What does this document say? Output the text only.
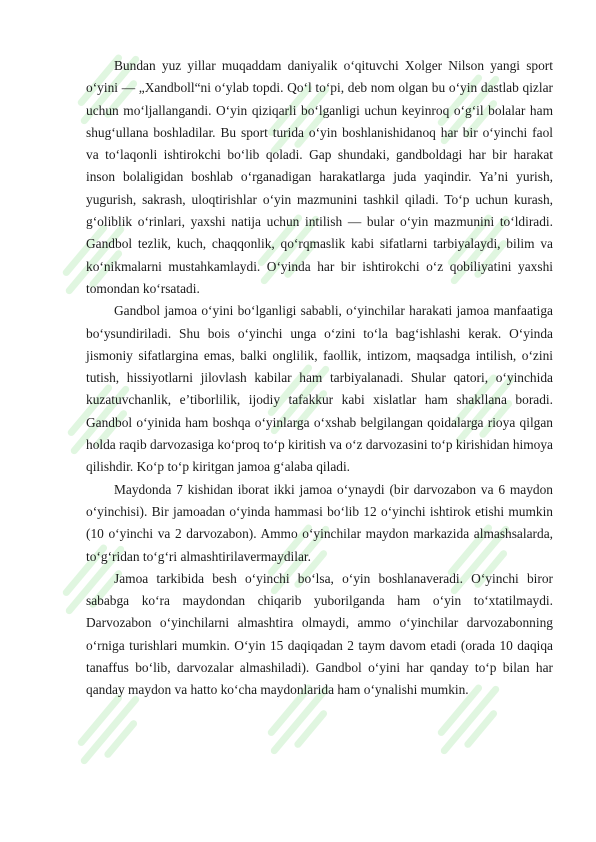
Bundan yuz yillar muqaddam daniyalik oʻqituvchi Xolger Nilson yangi sport oʻyini — „Xandboll“ni oʻylab topdi. Qoʻl toʻpi, deb nom olgan bu oʻyin dastlab qizlar uchun moʻljallangandi. Oʻyin qiziqarli boʻlganligi uchun keyinroq oʻgʻil bolalar ham shugʻullana boshladilar. Bu sport turida oʻyin boshlanishidanoq har bir oʻyinchi faol va toʻlaqonli ishtirokchi boʻlib qoladi. Gap shundaki, gandboldagi har bir harakat inson bolaligidan boshlab oʻrganadigan harakatlarga juda yaqindir. Yaʼni yurish, yugurish, sakrash, uloqtirishlar oʻyin mazmunini tashkil qiladi. Toʻp uchun kurash, gʻoliblik oʻrinlari, yaxshi natija uchun intilish — bular oʻyin mazmunini toʻldiradi. Gandbol tezlik, kuch, chaqqonlik, qoʻrqmaslik kabi sifatlarni tarbiyalaydi, bilim va koʻnikmalarni mustahkamlaydi. Oʻyinda har bir ishtirokchi oʻz qobiliyatini yaxshi tomondan koʻrsatadi.

Gandbol jamoa oʻyini boʻlganligi sababli, oʻyinchilar harakati jamoa manfaatiga boʻysundiriladi. Shu bois oʻyinchi unga oʻzini toʻla bagʻishlashi kerak. Oʻyinda jismoniy sifatlargina emas, balki onglilik, faollik, intizom, maqsadga intilish, oʻzini tutish, hissiyotlarni jilovlash kabilar ham tarbiyalanadi. Shular qatori, oʻyinchida kuzatuvchanlik, eʼtiborlilik, ijodiy tafakkur kabi xislatlar ham shakllana boradi. Gandbol oʻyinida ham boshqa oʻyinlarga oʻxshab belgilangan qoidalarga rioya qilgan holda raqib darvozasiga koʻproq toʻp kiritish va oʻz darvozasini toʻp kirishidan himoya qilishdir. Koʻp toʻp kiritgan jamoa gʻalaba qiladi.

Maydonda 7 kishidan iborat ikki jamoa oʻynaydi (bir darvozabon va 6 maydon oʻyinchisi). Bir jamoadan oʻyinda hammasi boʻlib 12 oʻyinchi ishtirok etishi mumkin (10 oʻyinchi va 2 darvozabon). Ammo oʻyinchilar maydon markazida almashsalarda, toʻgʻridan toʻgʻri almashtirilavermaydilar.

Jamoa tarkibida besh oʻyinchi boʻlsa, oʻyin boshlanaveradi. Oʻyinchi biror sababga koʻra maydondan chiqarib yuborilganda ham oʻyin toʻxtatilmaydi. Darvozabon oʻyinchilarni almashtira olmaydi, ammo oʻyinchilar darvozabonning oʻrniga turishlari mumkin. Oʻyin 15 daqiqadan 2 taym davom etadi (orada 10 daqiqa tanaffus boʻlib, darvozalar almashiladi). Gandbol oʻyini har qanday toʻp bilan har qanday maydon va hatto koʻcha maydonlarida ham oʻynalishi mumkin.
